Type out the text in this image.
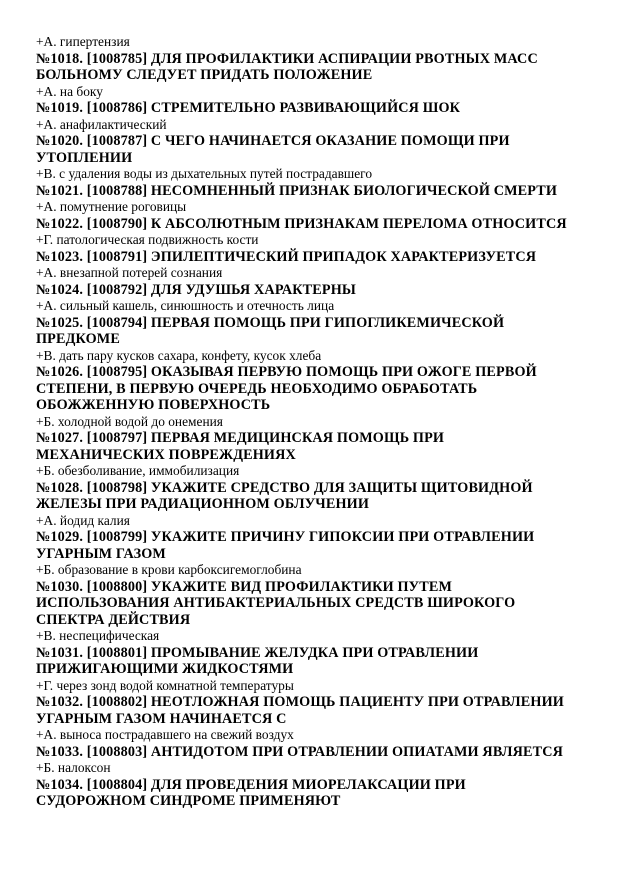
+А. гипертензия
№1018. [1008785] ДЛЯ ПРОФИЛАКТИКИ АСПИРАЦИИ РВОТНЫХ МАСС
БОЛЬНОМУ СЛЕДУЕТ ПРИДАТЬ ПОЛОЖЕНИЕ
+А. на боку
№1019. [1008786] СТРЕМИТЕЛЬНО РАЗВИВАЮЩИЙСЯ ШОК
+А. анафилактический
№1020. [1008787] С ЧЕГО НАЧИНАЕТСЯ ОКАЗАНИЕ ПОМОЩИ ПРИ
УТОПЛЕНИИ
+В. с удаления воды из дыхательных путей пострадавшего
№1021. [1008788] НЕСОМНЕННЫЙ ПРИЗНАК БИОЛОГИЧЕСКОЙ СМЕРТИ
+А. помутнение роговицы
№1022. [1008790] К АБСОЛЮТНЫМ ПРИЗНАКАМ ПЕРЕЛОМА ОТНОСИТСЯ
+Г. патологическая подвижность кости
№1023. [1008791] ЭПИЛЕПТИЧЕСКИЙ ПРИПАДОК ХАРАКТЕРИЗУЕТСЯ
+А. внезапной потерей сознания
№1024. [1008792] ДЛЯ УДУШЬЯ ХАРАКТЕРНЫ
+А. сильный кашель, синюшность и отечность лица
№1025. [1008794] ПЕРВАЯ ПОМОЩЬ ПРИ ГИПОГЛИКЕМИЧЕСКОЙ
ПРЕДКОМЕ
+В. дать пару кусков сахара, конфету, кусок хлеба
№1026. [1008795] ОКАЗЫВАЯ ПЕРВУЮ ПОМОЩЬ ПРИ ОЖОГЕ ПЕРВОЙ
СТЕПЕНИ, В ПЕРВУЮ ОЧЕРЕДЬ НЕОБХОДИМО ОБРАБОТАТЬ
ОБОЖЖЕННУЮ ПОВЕРХНОСТЬ
+Б. холодной водой до онемения
№1027. [1008797] ПЕРВАЯ МЕДИЦИНСКАЯ ПОМОЩЬ ПРИ
МЕХАНИЧЕСКИХ ПОВРЕЖДЕНИЯХ
+Б. обезболивание, иммобилизация
№1028. [1008798] УКАЖИТЕ СРЕДСТВО ДЛЯ ЗАЩИТЫ ЩИТОВИДНОЙ
ЖЕЛЕЗЫ ПРИ РАДИАЦИОННОМ ОБЛУЧЕНИИ
+А. йодид калия
№1029. [1008799] УКАЖИТЕ ПРИЧИНУ ГИПОКСИИ ПРИ ОТРАВЛЕНИИ
УГАРНЫМ ГАЗОМ
+Б. образование в крови карбоксигемоглобина
№1030. [1008800] УКАЖИТЕ ВИД ПРОФИЛАКТИКИ ПУТЕМ
ИСПОЛЬЗОВАНИЯ АНТИБАКТЕРИАЛЬНЫХ СРЕДСТВ ШИРОКОГО
СПЕКТРА ДЕЙСТВИЯ
+В. неспецифическая
№1031. [1008801] ПРОМЫВАНИЕ ЖЕЛУДКА ПРИ ОТРАВЛЕНИИ
ПРИЖИГАЮЩИМИ ЖИДКОСТЯМИ
+Г. через зонд водой комнатной температуры
№1032. [1008802] НЕОТЛОЖНАЯ ПОМОЩЬ ПАЦИЕНТУ ПРИ ОТРАВЛЕНИИ
УГАРНЫМ ГАЗОМ НАЧИНАЕТСЯ С
+А. выноса пострадавшего на свежий воздух
№1033. [1008803] АНТИДОТОМ ПРИ ОТРАВЛЕНИИ ОПИАТАМИ ЯВЛЯЕТСЯ
+Б. налоксон
№1034. [1008804] ДЛЯ ПРОВЕДЕНИЯ МИОРЕЛАКСАЦИИ ПРИ
СУДОРОЖНОМ СИНДРОМЕ ПРИМЕНЯЮТ
